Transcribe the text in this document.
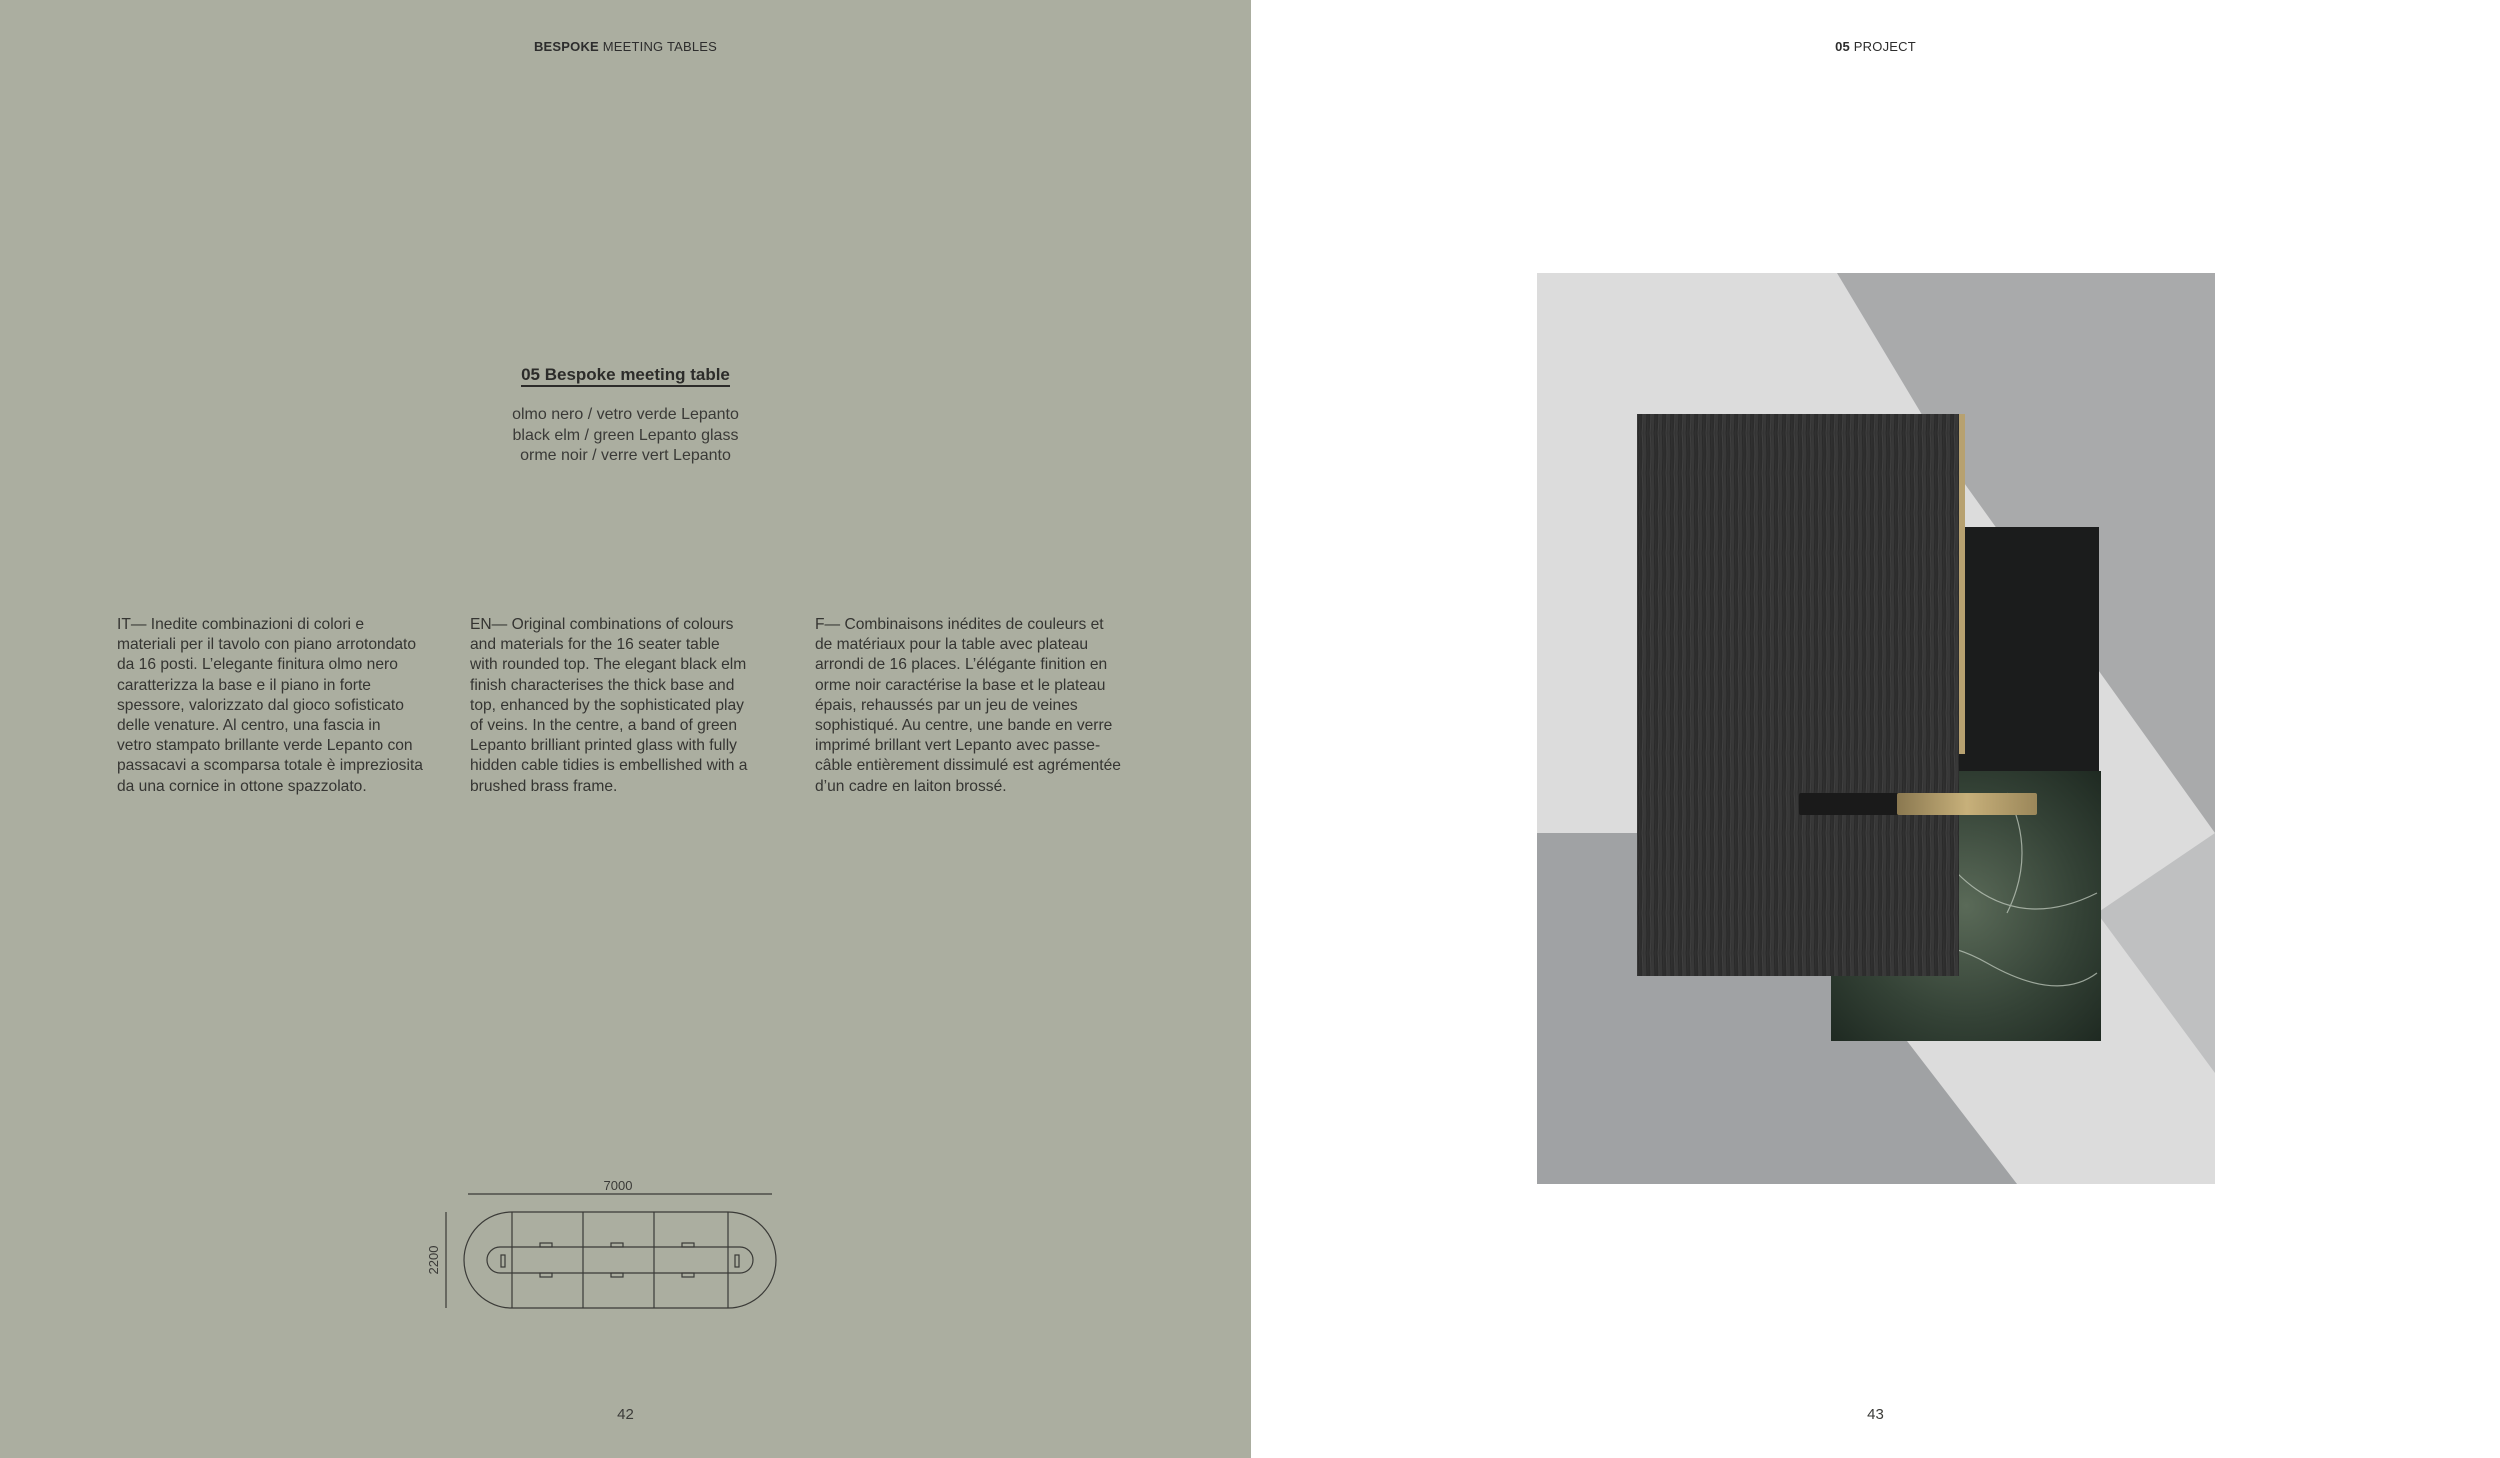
BESPOKE MEETING TABLES
05 Bespoke meeting table
olmo nero / vetro verde Lepanto
black elm / green Lepanto glass
orme noir / verre vert Lepanto
IT— Inedite combinazioni di colori e
materiali per il tavolo con piano arrotondato
da 16 posti. L’elegante finitura olmo nero
caratterizza la base e il piano in forte
spessore, valorizzato dal gioco sofisticato
delle venature. Al centro, una fascia in
vetro stampato brillante verde Lepanto con
passacavi a scomparsa totale è impreziosita
da una cornice in ottone spazzolato.
EN— Original combinations of colours
and materials for the 16 seater table
with rounded top. The elegant black elm
finish characterises the thick base and
top, enhanced by the sophisticated play
of veins. In the centre, a band of green
Lepanto brilliant printed glass with fully
hidden cable tidies is embellished with a
brushed brass frame.
F— Combinaisons inédites de couleurs et
de matériaux pour la table avec plateau
arrondi de 16 places. L’élégante finition en
orme noir caractérise la base et le plateau
épais, rehaussés par un jeu de veines
sophistiqué. Au centre, une bande en verre
imprimé brillant vert Lepanto avec passe-
câble entièrement dissimulé est agrémentée
d’un cadre en laiton brossé.
7000
2200
42
05 PROJECT
43
